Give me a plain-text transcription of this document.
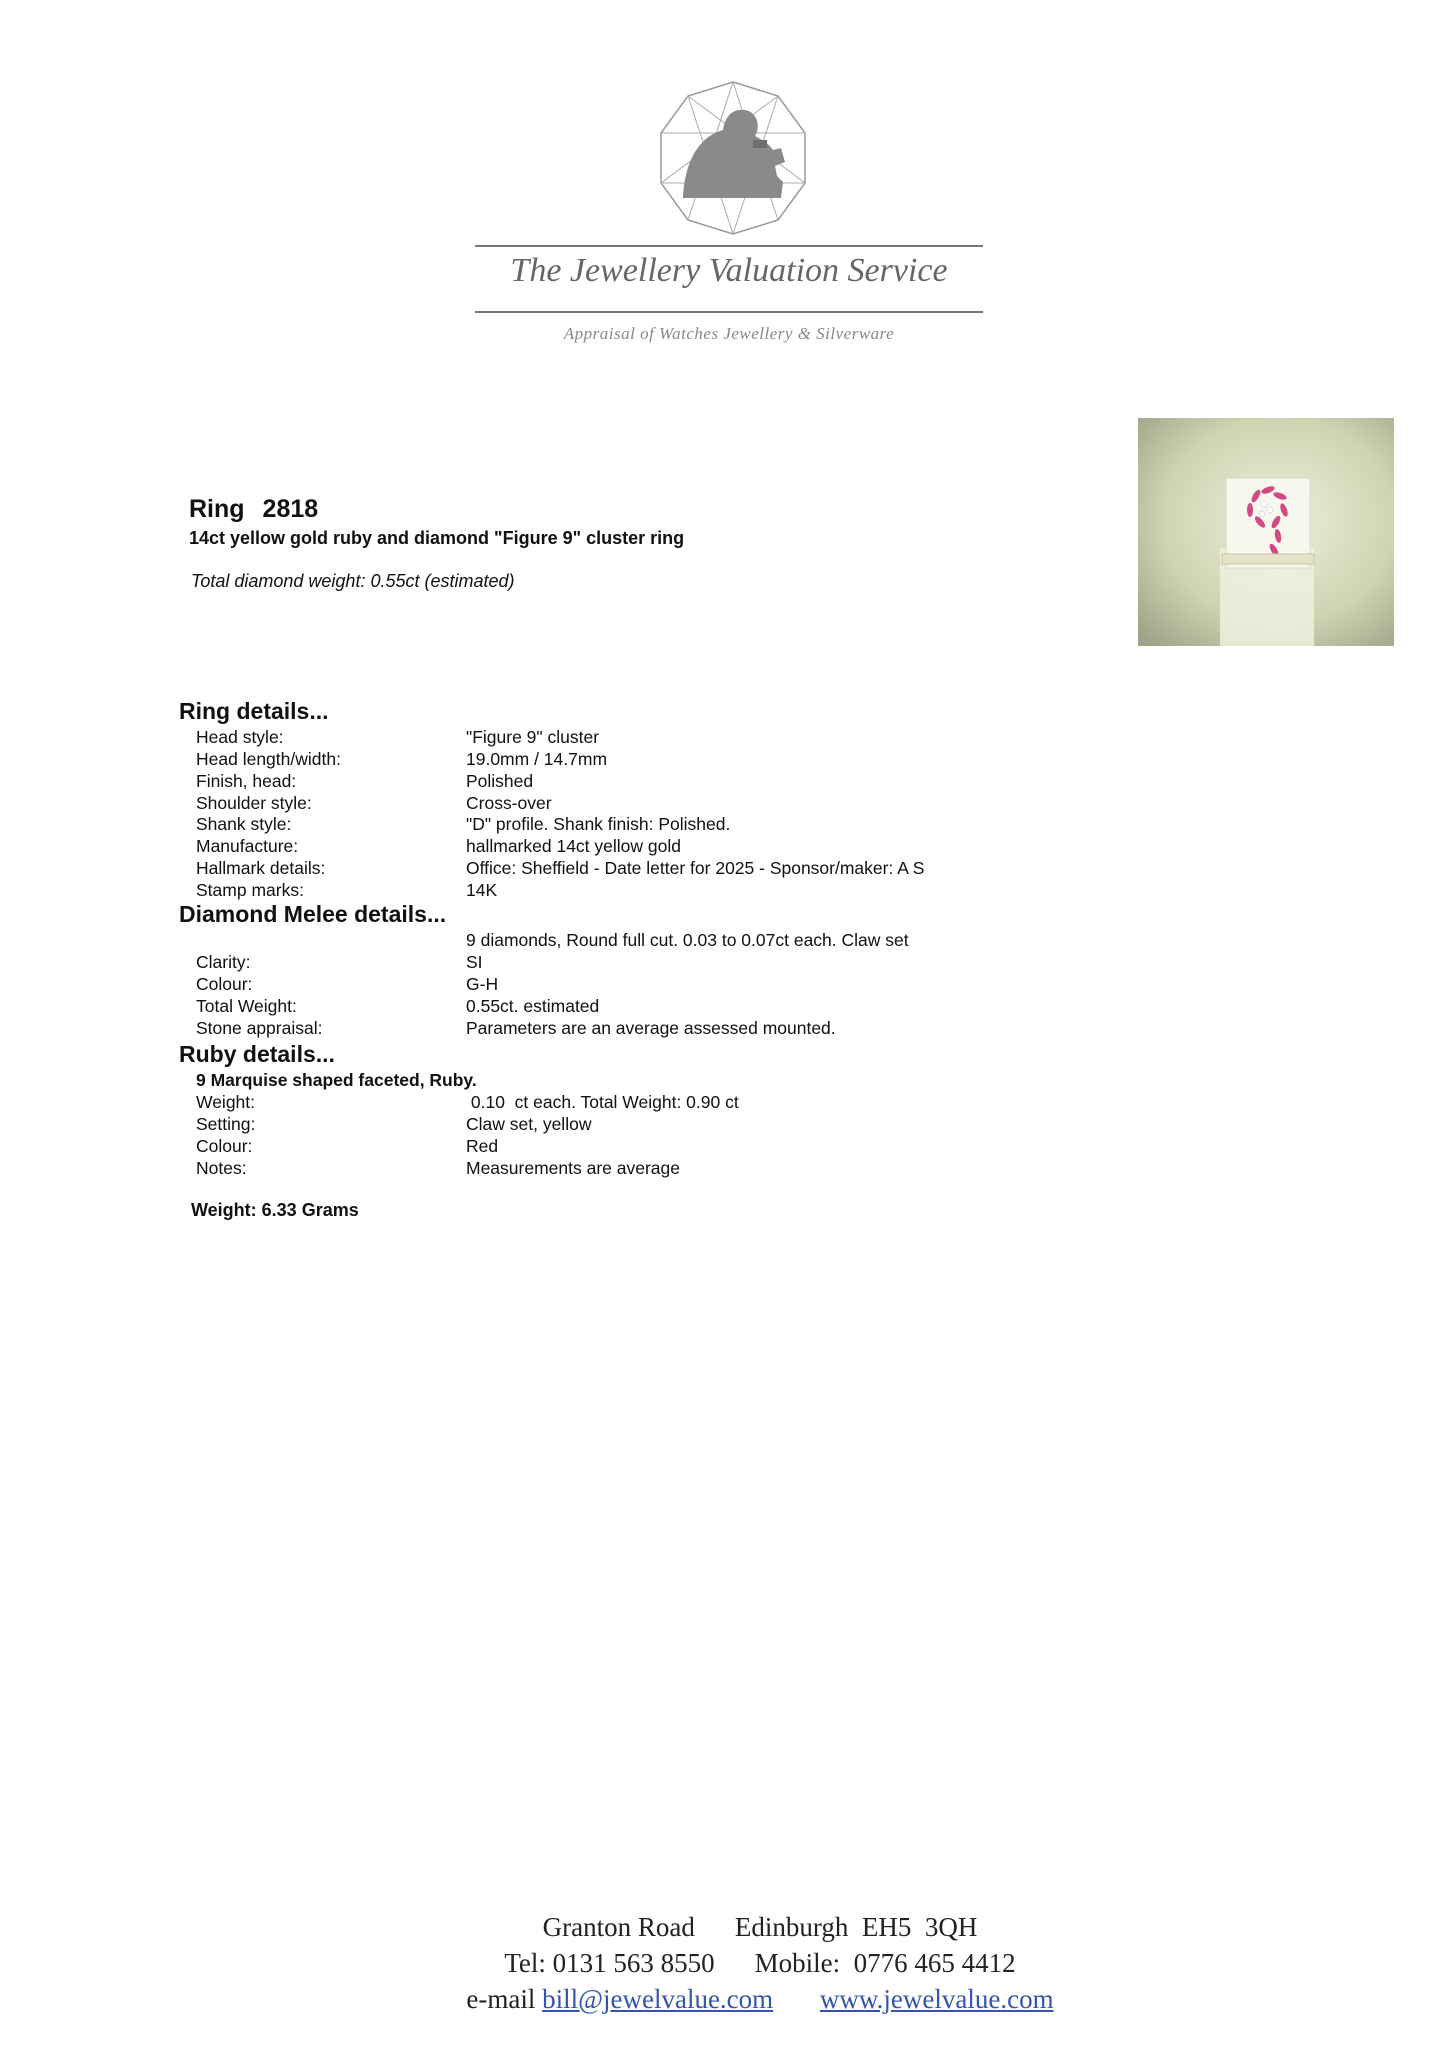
The Jewellery Valuation Service
Appraisal of Watches Jewellery & Silverware
Ring 2818
14ct yellow gold ruby and diamond "Figure 9" cluster ring
Total diamond weight: 0.55ct (estimated)
Ring details...
Head style:	"Figure 9" cluster
Head length/width:	19.0mm / 14.7mm
Finish, head:	Polished
Shoulder style:	Cross-over
Shank style:	"D" profile. Shank finish: Polished.
Manufacture:	hallmarked 14ct yellow gold
Hallmark details:	Office: Sheffield - Date letter for 2025 - Sponsor/maker: A S
Stamp marks:	14K
Diamond Melee details...
9 diamonds, Round full cut. 0.03 to 0.07ct each. Claw set
Clarity:	SI
Colour:	G-H
Total Weight:	0.55ct. estimated
Stone appraisal:	Parameters are an average assessed mounted.
Ruby details...
9 Marquise shaped faceted, Ruby.
Weight:	0.10  ct each. Total Weight: 0.90 ct
Setting:	Claw set, yellow
Colour:	Red
Notes:	Measurements are average
Weight: 6.33 Grams
Granton Road Edinburgh  EH5  3QH
Tel: 0131 563 8550 Mobile:  0776 465 4412
e-mail bill@jewelvalue.com www.jewelvalue.com
